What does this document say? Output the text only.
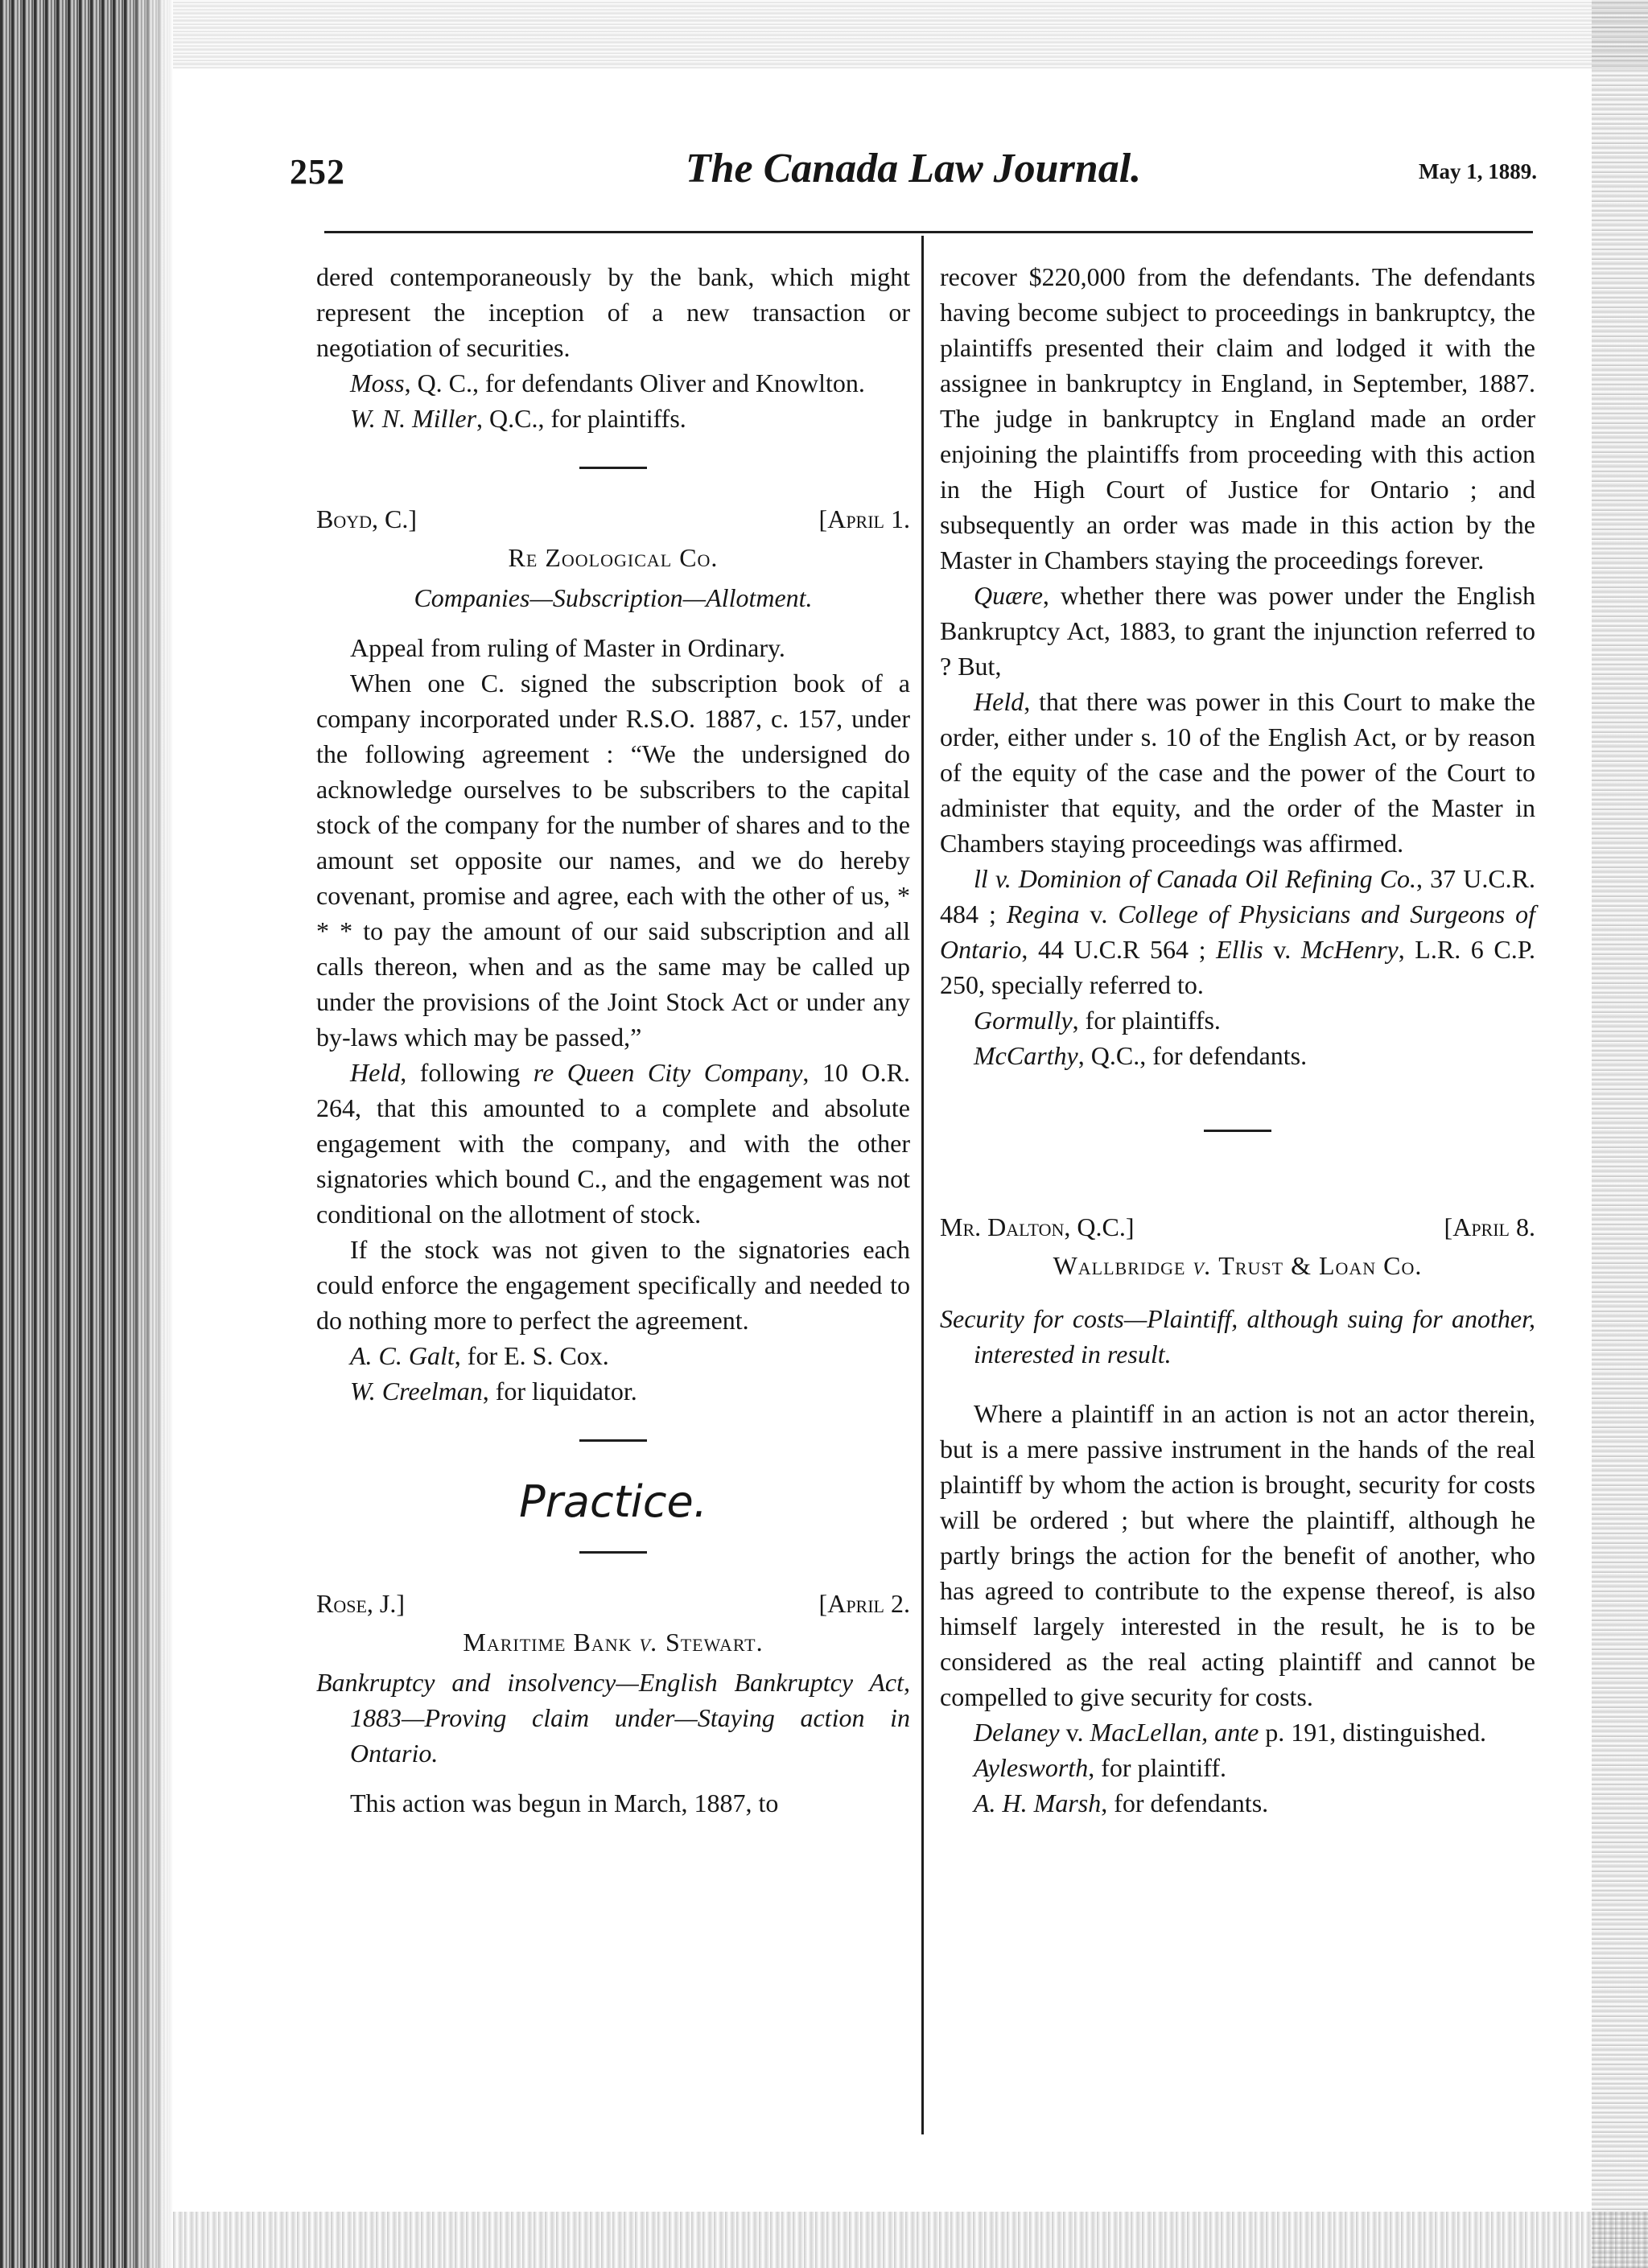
252	The Canada Law Journal.	May 1, 1889.

dered contemporaneously by the bank, which might represent the inception of a new transaction or negotiation of securities.

Moss, Q. C., for defendants Oliver and Knowlton.

W. N. Miller, Q.C., for plaintiffs.

Boyd, C.]	[April 1.
Re Zoological Co.
Companies—Subscription—Allotment.

Appeal from ruling of Master in Ordinary.

When one C. signed the subscription book of a company incorporated under R.S.O. 1887, c. 157, under the following agreement : “We the undersigned do acknowledge ourselves to be subscribers to the capital stock of the company for the number of shares and to the amount set opposite our names, and we do hereby covenant, promise and agree, each with the other of us, * * * to pay the amount of our said subscription and all calls thereon, when and as the same may be called up under the provisions of the Joint Stock Act or under any by-laws which may be passed,”

Held, following re Queen City Company, 10 O.R. 264, that this amounted to a complete and absolute engagement with the company, and with the other signatories which bound C., and the engagement was not conditional on the allotment of stock.

If the stock was not given to the signatories each could enforce the engagement specifically and needed to do nothing more to perfect the agreement.

A. C. Galt, for E. S. Cox.

W. Creelman, for liquidator.

Practice.
Rose, J.]	[April 2.
Maritime Bank v. Stewart.
Bankruptcy and insolvency—English Bankruptcy Act, 1883—Proving claim under—Staying action in Ontario.

This action was begun in March, 1887, to

recover $220,000 from the defendants. The defendants having become subject to proceedings in bankruptcy, the plaintiffs presented their claim and lodged it with the assignee in bankruptcy in England, in September, 1887. The judge in bankruptcy in England made an order enjoining the plaintiffs from proceeding with this action in the High Court of Justice for Ontario ; and subsequently an order was made in this action by the Master in Chambers staying the proceedings forever.

Quære, whether there was power under the English Bankruptcy Act, 1883, to grant the injunction referred to ? But,

Held, that there was power in this Court to make the order, either under s. 10 of the English Act, or by reason of the equity of the case and the power of the Court to administer that equity, and the order of the Master in Chambers staying proceedings was affirmed.

ll v. Dominion of Canada Oil Refining Co., 37 U.C.R. 484 ; Regina v. College of Physicians and Surgeons of Ontario, 44 U.C.R 564 ; Ellis v. McHenry, L.R. 6 C.P. 250, specially referred to.

Gormully, for plaintiffs.

McCarthy, Q.C., for defendants.

Mr. Dalton, Q.C.]	[April 8.
Wallbridge v. Trust & Loan Co.
Security for costs—Plaintiff, although suing for another, interested in result.

Where a plaintiff in an action is not an actor therein, but is a mere passive instrument in the hands of the real plaintiff by whom the action is brought, security for costs will be ordered ; but where the plaintiff, although he partly brings the action for the benefit of another, who has agreed to contribute to the expense thereof, is also himself largely interested in the result, he is to be considered as the real acting plaintiff and cannot be compelled to give security for costs.

Delaney v. MacLellan, ante p. 191, distinguished.

Aylesworth, for plaintiff.

A. H. Marsh, for defendants.
